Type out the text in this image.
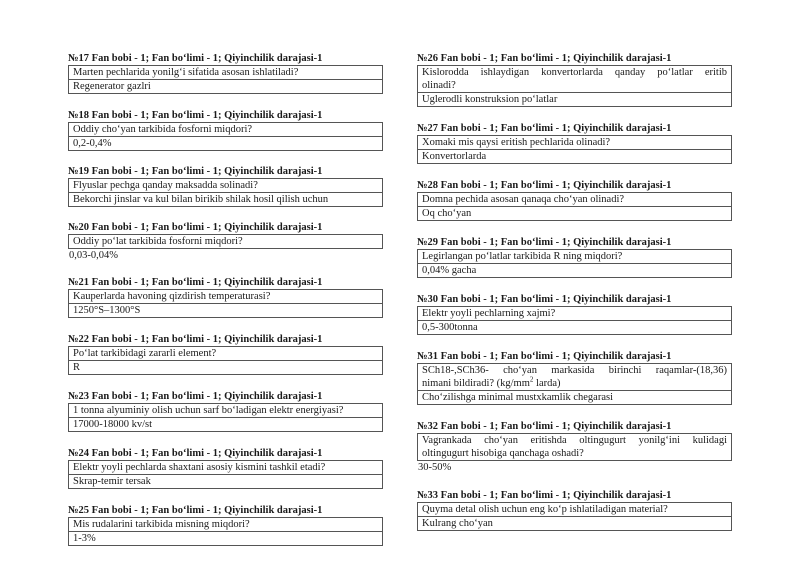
№17 Fan bobi - 1; Fan bo‘limi - 1; Qiyinchilik darajasi-1
Marten pechlarida yonilg‘i sifatida asosan ishlatiladi?
Regenerator gazlri
№18 Fan bobi - 1; Fan bo‘limi - 1; Qiyinchilik darajasi-1
Oddiy cho‘yan tarkibida fosforni miqdori?
0,2-0,4%
№19 Fan bobi - 1; Fan bo‘limi - 1; Qiyinchilik darajasi-1
Flyuslar pechga qanday maksadda solinadi?
Bekorchi jinslar va kul bilan birikib shilak hosil qilish uchun
№20 Fan bobi - 1; Fan bo‘limi - 1; Qiyinchilik darajasi-1
Oddiy po‘lat tarkibida fosforni miqdori?
0,03-0,04%
№21 Fan bobi - 1; Fan bo‘limi - 1; Qiyinchilik darajasi-1
Kauperlarda havoning qizdirish temperaturasi?
1250°S–1300°S
№22 Fan bobi - 1; Fan bo‘limi - 1; Qiyinchilik darajasi-1
Po‘lat tarkibidagi zararli element?
R
№23 Fan bobi - 1; Fan bo‘limi - 1; Qiyinchilik darajasi-1
1 tonna alyuminiy olish uchun sarf bo‘ladigan elektr energiyasi?
17000-18000 kv/st
№24 Fan bobi - 1; Fan bo‘limi - 1; Qiyinchilik darajasi-1
Elektr yoyli pechlarda shaxtani asosiy kismini tashkil etadi?
Skrap-temir tersak
№25 Fan bobi - 1; Fan bo‘limi - 1; Qiyinchilik darajasi-1
Mis rudalarini tarkibida misning miqdori?
1-3%
№26 Fan bobi - 1; Fan bo‘limi - 1; Qiyinchilik darajasi-1
Kislorodda ishlaydigan konvertorlarda qanday po‘latlar eritib
olinadi?
Uglerodli konstruksion po‘latlar
№27 Fan bobi - 1; Fan bo‘limi - 1; Qiyinchilik darajasi-1
Xomaki mis qaysi eritish pechlarida olinadi?
Konvertorlarda
№28 Fan bobi - 1; Fan bo‘limi - 1; Qiyinchilik darajasi-1
Domna pechida asosan qanaqa cho‘yan olinadi?
Oq cho‘yan
№29 Fan bobi - 1; Fan bo‘limi - 1; Qiyinchilik darajasi-1
Legirlangan po‘latlar tarkibida R ning miqdori?
0,04% gacha
№30 Fan bobi - 1; Fan bo‘limi - 1; Qiyinchilik darajasi-1
Elektr yoyli pechlarning xajmi?
0,5-300tonna
№31 Fan bobi - 1; Fan bo‘limi - 1; Qiyinchilik darajasi-1
SCh18-,SCh36- cho‘yan markasida birinchi raqamlar-(18,36)
nimani bildiradi? ($kg/mm^2$ larda)
Cho‘zilishga minimal mustxkamlik chegarasi
№32 Fan bobi - 1; Fan bo‘limi - 1; Qiyinchilik darajasi-1
Vagrankada cho‘yan eritishda oltingugurt yonilg‘ini kulidagi
oltingugurt hisobiga qanchaga oshadi?
30-50%
№33 Fan bobi - 1; Fan bo‘limi - 1; Qiyinchilik darajasi-1
Quyma detal olish uchun eng ko‘p ishlatiladigan material?
Kulrang cho‘yan
